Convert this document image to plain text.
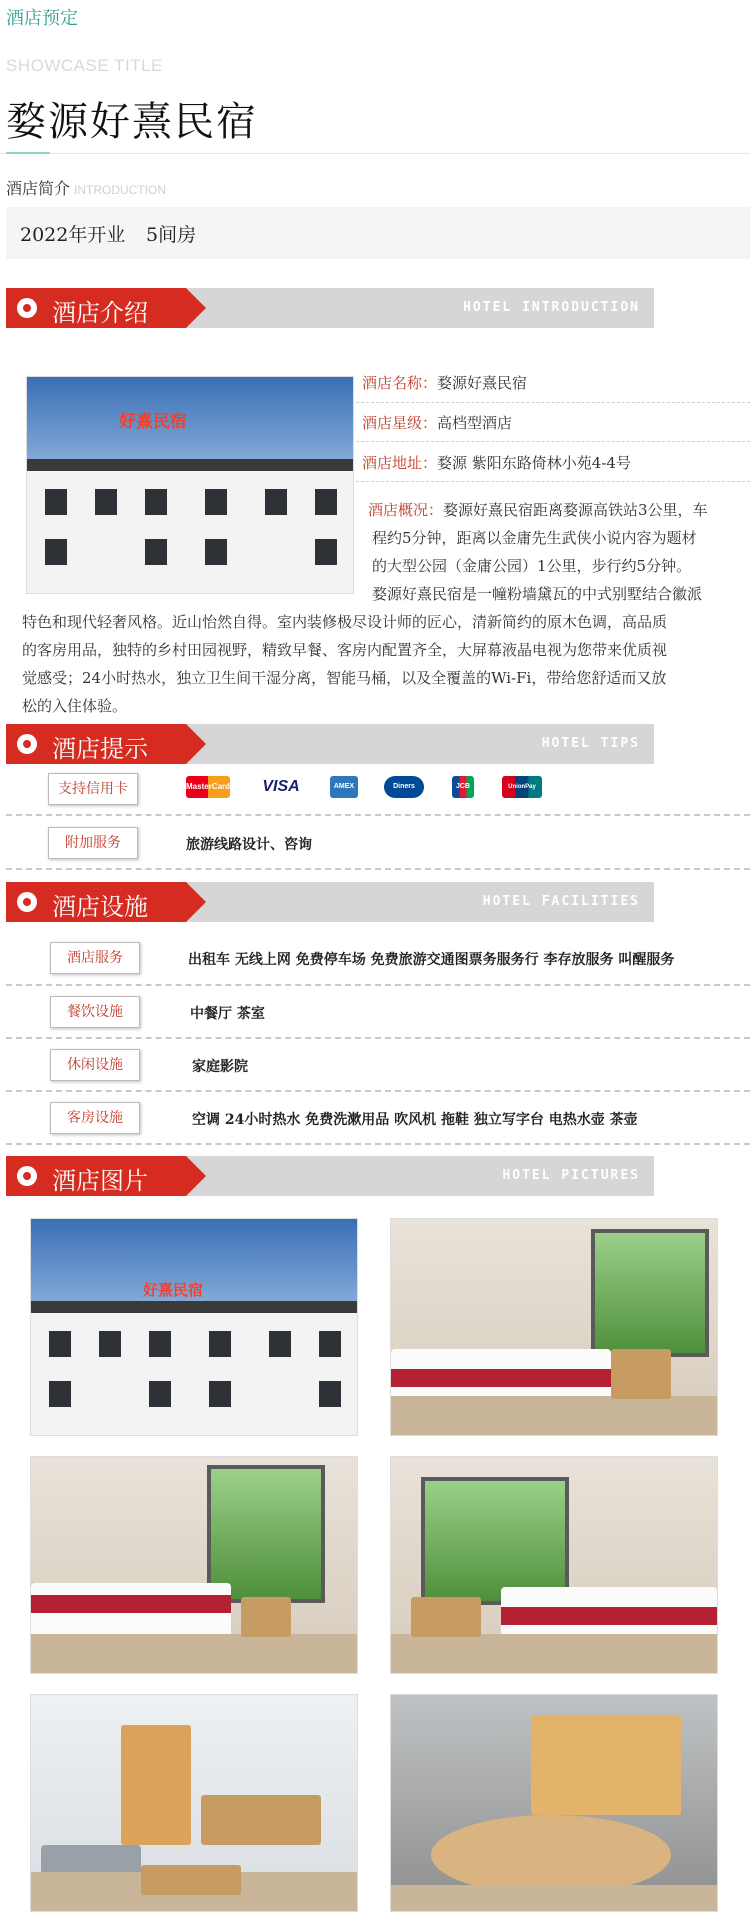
酒店预定
SHOWCASE TITLE
婺源好熹民宿
酒店简介 INTRODUCTION
2022年开业 5间房
酒店介绍	HOTEL INTRODUCTION
好熹民宿
酒店名称：婺源好熹民宿
酒店星级：高档型酒店
酒店地址：婺源 紫阳东路倚林小苑4-4号
酒店概况：婺源好熹民宿距离婺源高铁站3公里，车
程约5分钟，距离以金庸先生武侠小说内容为题材
的大型公园（金庸公园）1公里，步行约5分钟。
婺源好熹民宿是一幢粉墙黛瓦的中式别墅结合徽派
特色和现代轻奢风格。近山怡然自得。室内装修极尽设计师的匠心，清新简约的原木色调，高品质
的客房用品，独特的乡村田园视野，精致早餐、客房内配置齐全，大屏幕液晶电视为您带来优质视
觉感受；24小时热水，独立卫生间干湿分离，智能马桶，以及全覆盖的Wi-Fi，带给您舒适而又放
松的入住体验。
酒店提示	HOTEL TIPS
支持信用卡	MasterCard	VISA	AMEX	Diners	JCB	UnionPay
附加服务	旅游线路设计、咨询
酒店设施	HOTEL FACILITIES
酒店服务	出租车 无线上网 免费停车场 免费旅游交通图票务服务行 李存放服务 叫醒服务
餐饮设施	中餐厅 茶室
休闲设施	家庭影院
客房设施	空调 24小时热水 免费洗漱用品 吹风机 拖鞋 独立写字台 电热水壶 茶壶
酒店图片	HOTEL PICTURES
好熹民宿
